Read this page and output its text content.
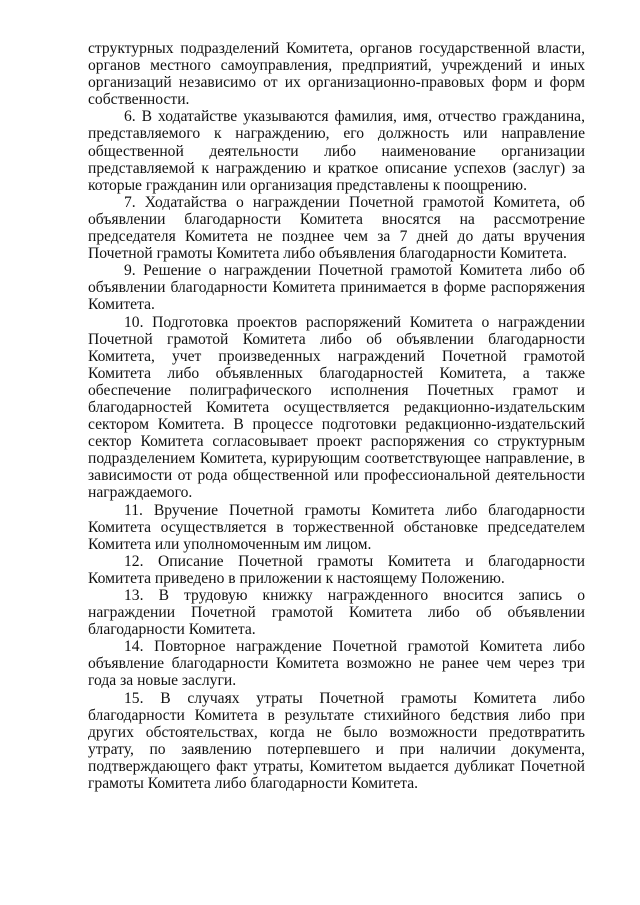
структурных подразделений Комитета, органов государственной власти, органов местного самоуправления, предприятий, учреждений и иных организаций независимо от их организационно-правовых форм и форм собственности.

6. В ходатайстве указываются фамилия, имя, отчество гражданина, представляемого к награждению, его должность или направление общественной деятельности либо наименование организации представляемой к награждению и краткое описание успехов (заслуг) за которые гражданин или организация представлены к поощрению.

7. Ходатайства о награждении Почетной грамотой Комитета, об объявлении благодарности Комитета вносятся на рассмотрение председателя Комитета не позднее чем за 7 дней до даты вручения Почетной грамоты Комитета либо объявления благодарности Комитета.

9. Решение о награждении Почетной грамотой Комитета либо об объявлении благодарности Комитета принимается в форме распоряжения Комитета.

10. Подготовка проектов распоряжений Комитета о награждении Почетной грамотой Комитета либо об объявлении благодарности Комитета, учет произведенных награждений Почетной грамотой Комитета либо объявленных благодарностей Комитета, а также обеспечение полиграфического исполнения Почетных грамот и благодарностей Комитета осуществляется редакционно-издательским сектором Комитета. В процессе подготовки редакционно-издательский сектор Комитета согласовывает проект распоряжения со структурным подразделением Комитета, курирующим соответствующее направление, в зависимости от рода общественной или профессиональной деятельности награждаемого.

11. Вручение Почетной грамоты Комитета либо благодарности Комитета осуществляется в торжественной обстановке председателем Комитета или уполномоченным им лицом.

12. Описание Почетной грамоты Комитета и благодарности Комитета приведено в приложении к настоящему Положению.

13. В трудовую книжку награжденного вносится запись о награждении Почетной грамотой Комитета либо об объявлении благодарности Комитета.

14. Повторное награждение Почетной грамотой Комитета либо объявление благодарности Комитета возможно не ранее чем через три года за новые заслуги.

15. В случаях утраты Почетной грамоты Комитета либо благодарности Комитета в результате стихийного бедствия либо при других обстоятельствах, когда не было возможности предотвратить утрату, по заявлению потерпевшего и при наличии документа, подтверждающего факт утраты, Комитетом выдается дубликат Почетной грамоты Комитета либо благодарности Комитета.
